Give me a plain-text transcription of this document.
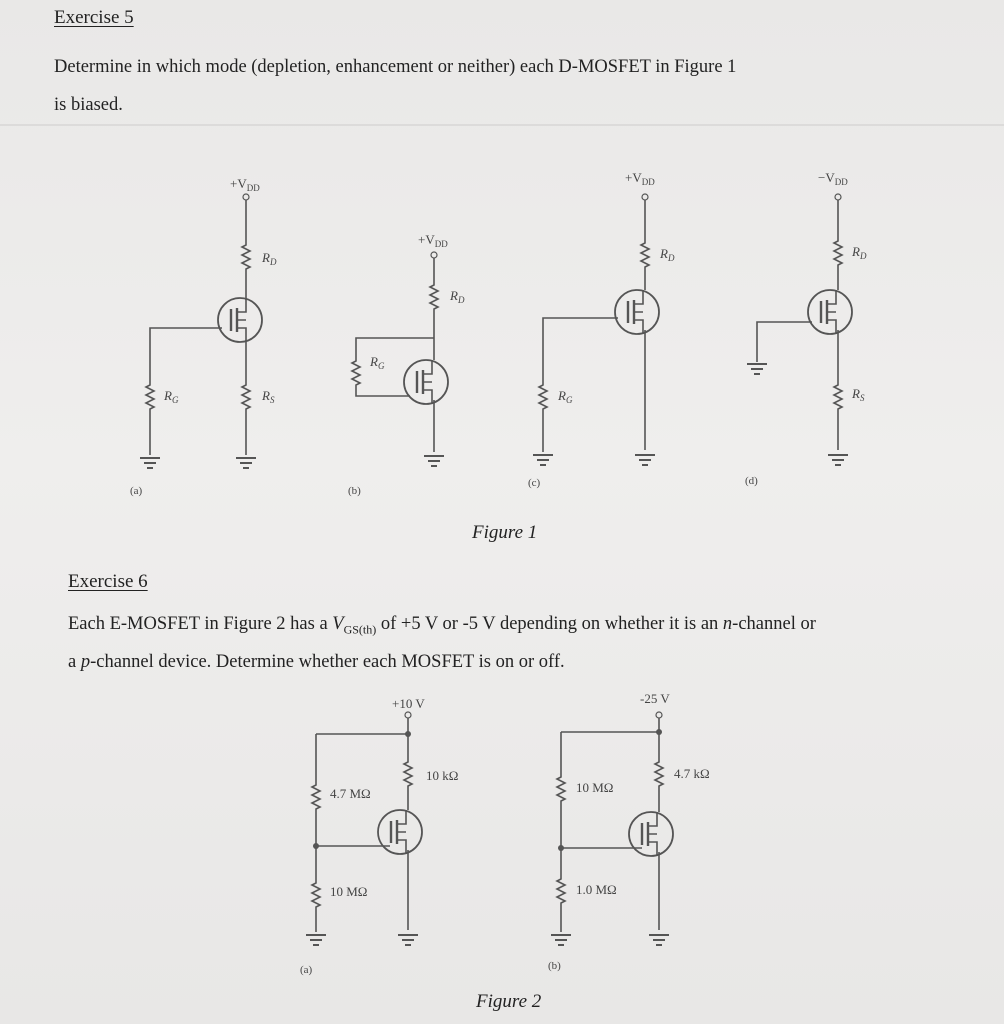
Exercise 5
Determine in which mode (depletion, enhancement or neither) each D-MOSFET in Figure 1
is biased.
Figure 1
Exercise 6
Each E-MOSFET in Figure 2 has a $V_{GS(th)}$ of +5 V or -5 V depending on whether it is an n-channel or
a p-channel device. Determine whether each MOSFET is on or off.
Figure 2
$+V_{DD}$
$R_D$
$R_S$
$R_G$
(a)
$+V_{DD}$
$R_D$
$R_G$
(b)
$+V_{DD}$
$R_D$
$R_G$
(c)
$-V_{DD}$
$R_D$
$R_S$
(d)
+10 V
10 kΩ
4.7 MΩ
10 MΩ
(a)
-25 V
4.7 kΩ
10 MΩ
1.0 MΩ
(b)
